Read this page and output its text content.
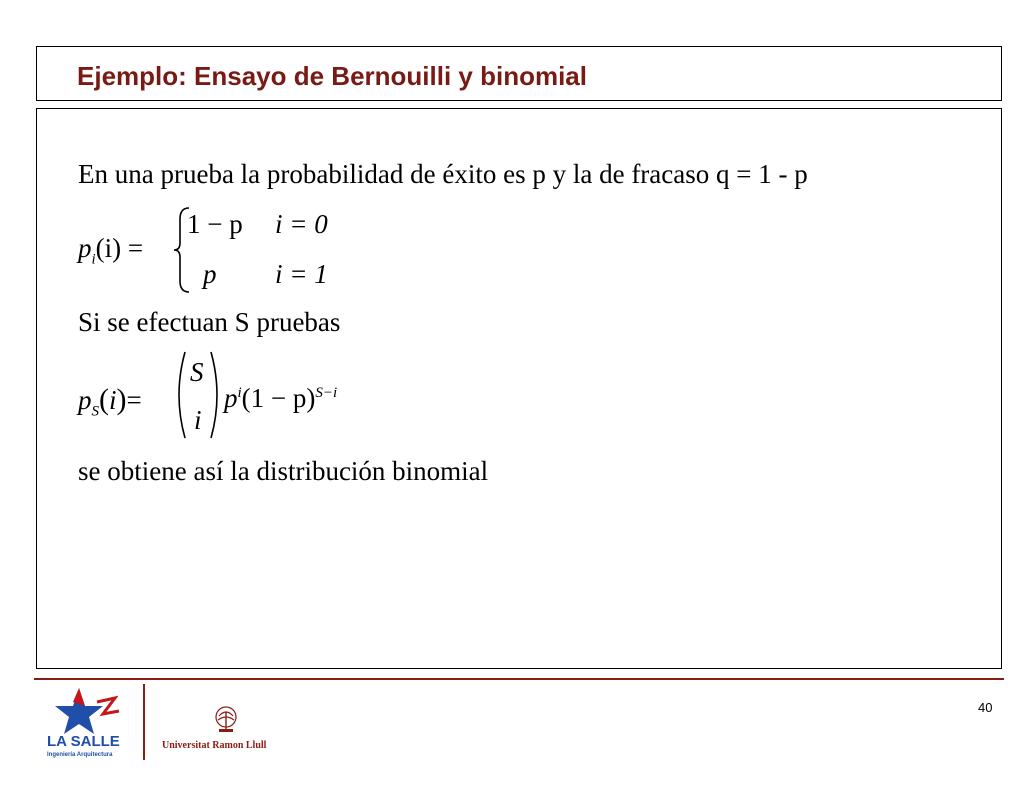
Ejemplo: Ensayo de Bernouilli y binomial
En una prueba la probabilidad de éxito es p y la de fracaso q = 1 - p
$p_i(i)$ =
1 − p i = 0
p i = 1
Si se efectuan S pruebas
$p_S(i)=$
S
i
$p^i(1 - p)^{S-i}$
se obtiene así la distribución binomial
LA SALLE
Ingeniería Arquitectura
Universitat Ramon Llull
40
